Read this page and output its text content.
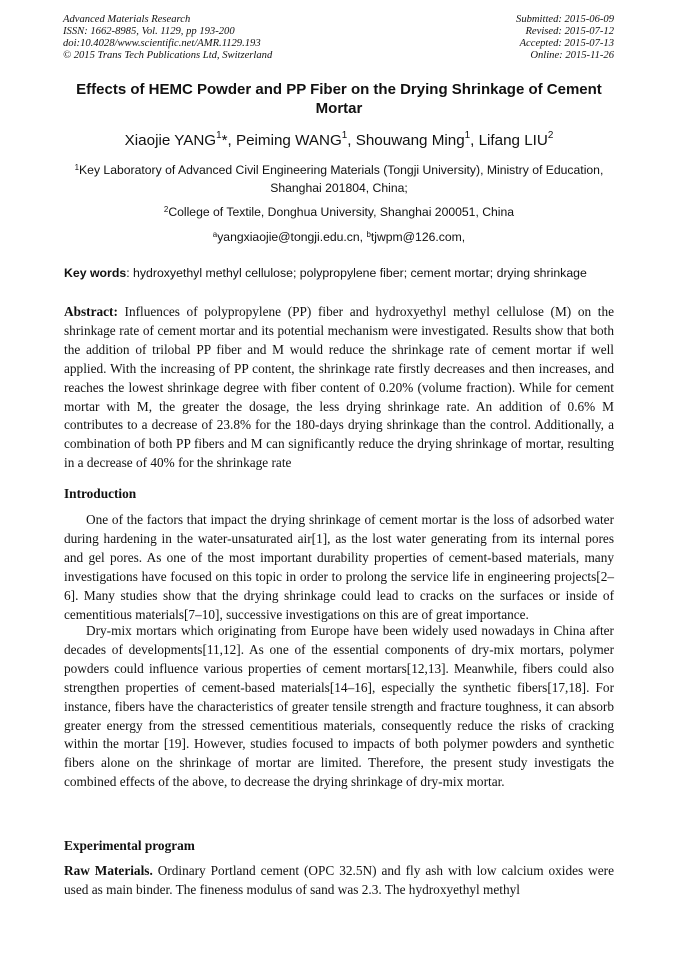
Advanced Materials Research
ISSN: 1662-8985, Vol. 1129, pp 193-200
doi:10.4028/www.scientific.net/AMR.1129.193
© 2015 Trans Tech Publications Ltd, Switzerland
Submitted: 2015-06-09
Revised: 2015-07-12
Accepted: 2015-07-13
Online: 2015-11-26
Effects of HEMC Powder and PP Fiber on the Drying Shrinkage of Cement Mortar
Xiaojie YANG$^1$*, Peiming WANG$^1$, Shouwang Ming$^1$, Lifang LIU$^2$
$^1$Key Laboratory of Advanced Civil Engineering Materials (Tongji University), Ministry of Education,
Shanghai 201804, China;
$^2$College of Textile, Donghua University, Shanghai 200051, China
$^a$yangxiaojie@tongji.edu.cn, $^b$tjwpm@126.com,
Key words: hydroxyethyl methyl cellulose; polypropylene fiber; cement mortar; drying shrinkage
Abstract: Influences of polypropylene (PP) fiber and hydroxyethyl methyl cellulose (M) on the shrinkage rate of cement mortar and its potential mechanism were investigated. Results show that both the addition of trilobal PP fiber and M would reduce the shrinkage rate of cement mortar if well applied. With the increasing of PP content, the shrinkage rate firstly decreases and then increases, and reaches the lowest shrinkage degree with fiber content of 0.20% (volume fraction). While for cement mortar with M, the greater the dosage, the less drying shrinkage rate. An addition of 0.6% M contributes to a decrease of 23.8% for the 180-days drying shrinkage than the control. Additionally, a combination of both PP fibers and M can significantly reduce the drying shrinkage of mortar, resulting in a decrease of 40% for the shrinkage rate
Introduction
One of the factors that impact the drying shrinkage of cement mortar is the loss of adsorbed water during hardening in the water-unsaturated air[1], as the lost water generating from its internal pores and gel pores. As one of the most important durability properties of cement-based materials, many investigations have focused on this topic in order to prolong the service life in engineering projects[2–6]. Many studies show that the drying shrinkage could lead to cracks on the surfaces or inside of cementitious materials[7–10], successive investigations on this are of great importance.
Dry-mix mortars which originating from Europe have been widely used nowadays in China after decades of developments[11,12]. As one of the essential components of dry-mix mortars, polymer powders could influence various properties of cement mortars[12,13]. Meanwhile, fibers could also strengthen properties of cement-based materials[14–16], especially the synthetic fibers[17,18]. For instance, fibers have the characteristics of greater tensile strength and fracture toughness, it can absorb greater energy from the stressed cementitious materials, consequently reduce the risks of cracking within the mortar [19]. However, studies focused to impacts of both polymer powders and synthetic fibers alone on the shrinkage of mortar are limited. Therefore, the present study investigats the combined effects of the above, to decrease the drying shrinkage of dry-mix mortar.
Experimental program
Raw Materials. Ordinary Portland cement (OPC 32.5N) and fly ash with low calcium oxides were used as main binder. The fineness modulus of sand was 2.3. The hydroxyethyl methyl
